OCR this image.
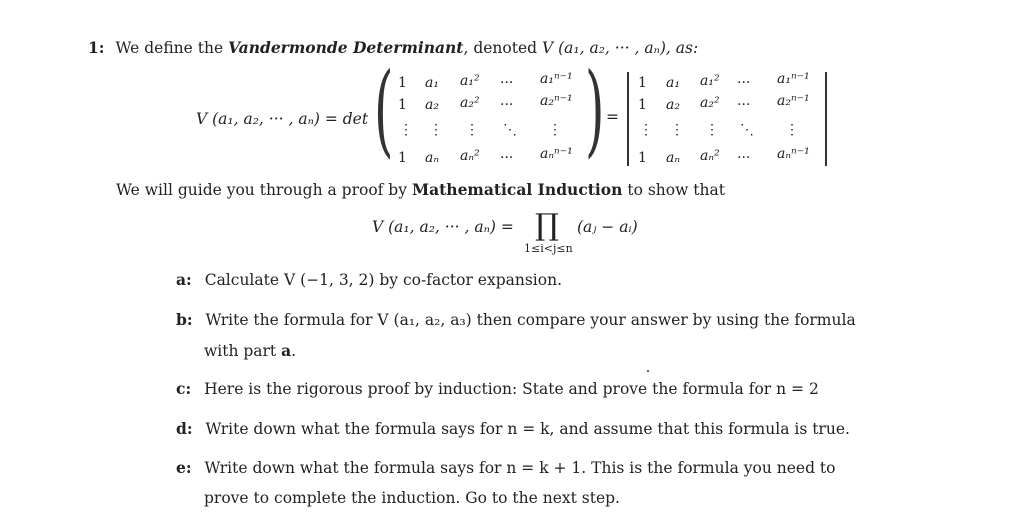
1: We define the Vandermonde Determinant, denoted V (a₁, a₂, ··· , aₙ), as:
V (a₁, a₂, ··· , aₙ) = det ( )
1 a₁ a₁² ··· a₁ⁿ⁻¹
1 a₂ a₂² ··· a₂ⁿ⁻¹
⋮ ⋮ ⋮ ⋱ ⋮
1 aₙ aₙ² ··· aₙⁿ⁻¹
=
1 a₁ a₁² ··· a₁ⁿ⁻¹
1 a₂ a₂² ··· a₂ⁿ⁻¹
⋮ ⋮ ⋮ ⋱ ⋮
1 aₙ aₙ² ··· aₙⁿ⁻¹
We will guide you through a proof by Mathematical Induction to show that
V (a₁, a₂, ··· , aₙ) = ∏
1≤i<j≤n
(aⱼ − aᵢ)
a: Calculate V (−1, 3, 2) by co-factor expansion.
b: Write the formula for V (a₁, a₂, a₃) then compare your answer by using the formula
with part a.
c: Here is the rigorous proof by induction: State and prove the formula for n = 2
d: Write down what the formula says for n = k, and assume that this formula is true.
e: Write down what the formula says for n = k + 1. This is the formula you need to
prove to complete the induction. Go to the next step.
